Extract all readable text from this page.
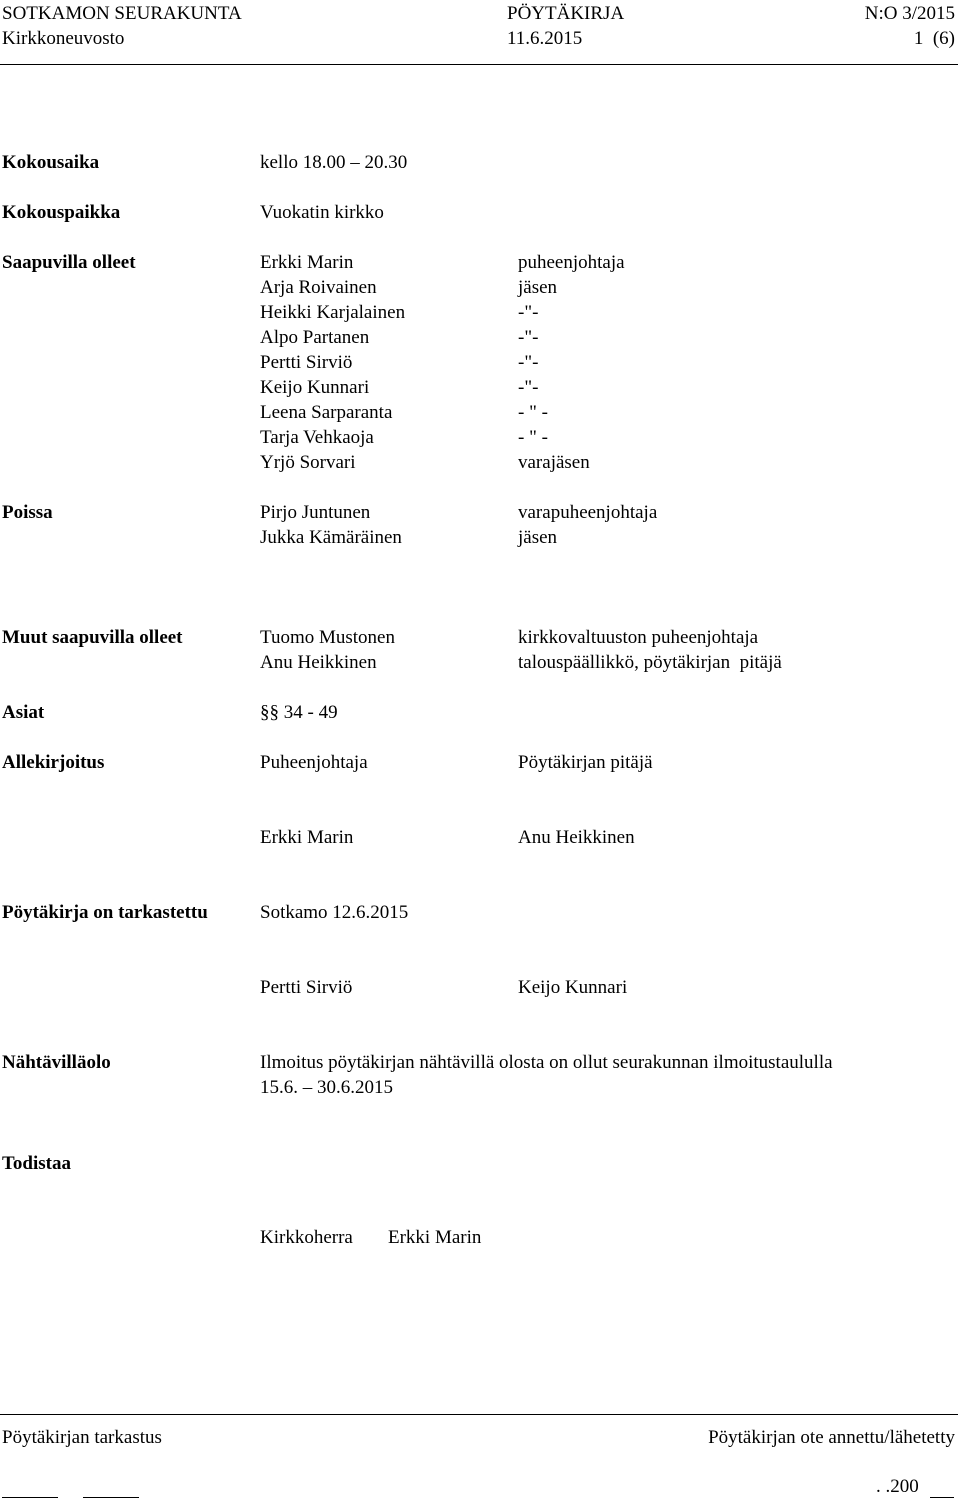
SOTKAMON SEURAKUNTA	PÖYTÄKIRJA	N:O 3/2015
Kirkkoneuvosto	11.6.2015	1  (6)
Kokousaika	kello 18.00 – 20.30
Kokouspaikka	Vuokatin kirkko
Saapuvilla olleet	Erkki Marin	puheenjohtaja
Arja Roivainen	jäsen
Heikki Karjalainen	-"-
Alpo Partanen	-"-
Pertti Sirviö	-"-
Keijo Kunnari	-"-
Leena Sarparanta	- " -
Tarja Vehkaoja	- " -
Yrjö Sorvari	varajäsen
Poissa	Pirjo Juntunen	varapuheenjohtaja
Jukka Kämäräinen	jäsen
Muut saapuvilla olleet	Tuomo Mustonen	kirkkovaltuuston puheenjohtaja
Anu Heikkinen	talouspäällikkö, pöytäkirjan  pitäjä
Asiat	§§ 34 - 49
Allekirjoitus	Puheenjohtaja	Pöytäkirjan pitäjä
Erkki Marin	Anu Heikkinen
Pöytäkirja on tarkastettu	Sotkamo 12.6.2015
Pertti Sirviö	Keijo Kunnari
Nähtävilläolo	Ilmoitus pöytäkirjan nähtävillä olosta on ollut seurakunnan ilmoitustaululla
15.6. – 30.6.2015
Todistaa
Kirkkoherra Erkki Marin
Pöytäkirjan tarkastus	Pöytäkirjan ote annettu/lähetetty
. .200
